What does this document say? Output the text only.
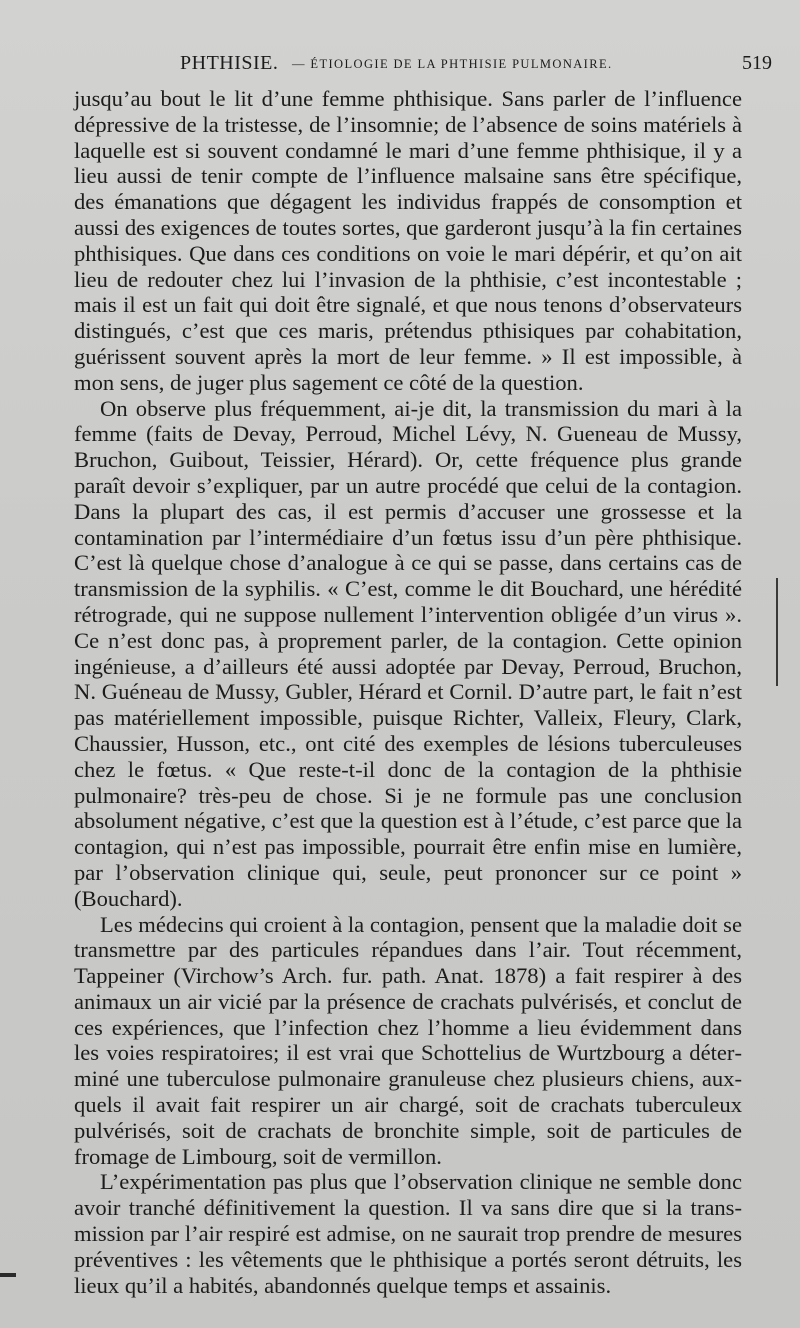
PHTHISIE. — ÉTIOLOGIE DE LA PHTHISIE PULMONAIRE.	519

jusqu’au bout le lit d’une femme phthisique. Sans parler de l’influence dépressive de la tristesse, de l’insomnie; de l’absence de soins matériels à laquelle est si souvent condamné le mari d’une femme phthisique, il y a lieu aussi de tenir compte de l’influence malsaine sans être spécifique, des émanations que dégagent les individus frappés de consomption et aussi des exigences de toutes sortes, que garderont jusqu’à la fin certaines phthisiques. Que dans ces conditions on voie le mari dépérir, et qu’on ait lieu de redouter chez lui l’invasion de la phthisie, c’est incontestable ; mais il est un fait qui doit être signalé, et que nous tenons d’observateurs distingués, c’est que ces maris, prétendus pthisiques par cohabitation, guérissent souvent après la mort de leur femme. » Il est impossible, à mon sens, de juger plus sagement ce côté de la question.

On observe plus fréquemment, ai-je dit, la transmission du mari à la femme (faits de Devay, Perroud, Michel Lévy, N. Gueneau de Mussy, Bruchon, Guibout, Teissier, Hérard). Or, cette fréquence plus grande paraît devoir s’expliquer, par un autre procédé que celui de la contagion. Dans la plupart des cas, il est permis d’accuser une grossesse et la contamination par l’intermédiaire d’un fœtus issu d’un père phthisique. C’est là quelque chose d’analogue à ce qui se passe, dans certains cas de transmission de la syphilis. « C’est, comme le dit Bouchard, une hérédité rétrograde, qui ne suppose nullement l’intervention obligée d’un virus ». Ce n’est donc pas, à proprement parler, de la contagion. Cette opinion ingénieuse, a d’ailleurs été aussi adoptée par Devay, Perroud, Bruchon, N. Guéneau de Mussy, Gubler, Hérard et Cornil. D’autre part, le fait n’est pas matériellement impossible, puisque Richter, Valleix, Fleury, Clark, Chaussier, Husson, etc., ont cité des exemples de lésions tuberculeuses chez le fœtus. « Que reste-t-il donc de la contagion de la phthisie pulmonaire? très-peu de chose. Si je ne formule pas une conclusion absolument négative, c’est que la question est à l’étude, c’est parce que la contagion, qui n’est pas impossible, pourrait être enfin mise en lumière, par l’observation clinique qui, seule, peut prononcer sur ce point » (Bouchard).

Les médecins qui croient à la contagion, pensent que la maladie doit se transmettre par des particules répandues dans l’air. Tout récemment, Tappeiner (Virchow’s Arch. fur. path. Anat. 1878) a fait respirer à des animaux un air vicié par la présence de crachats pulvérisés, et conclut de ces expériences, que l’infection chez l’homme a lieu évidemment dans les voies respiratoires; il est vrai que Schottelius de Wurtzbourg a déterminé une tuberculose pulmonaire granuleuse chez plusieurs chiens, auxquels il avait fait respirer un air chargé, soit de crachats tuberculeux pulvérisés, soit de crachats de bronchite simple, soit de particules de fromage de Limbourg, soit de vermillon.

L’expérimentation pas plus que l’observation clinique ne semble donc avoir tranché définitivement la question. Il va sans dire que si la transmission par l’air respiré est admise, on ne saurait trop prendre de mesures préventives : les vêtements que le phthisique a portés seront détruits, les lieux qu’il a habités, abandonnés quelque temps et assainis.
